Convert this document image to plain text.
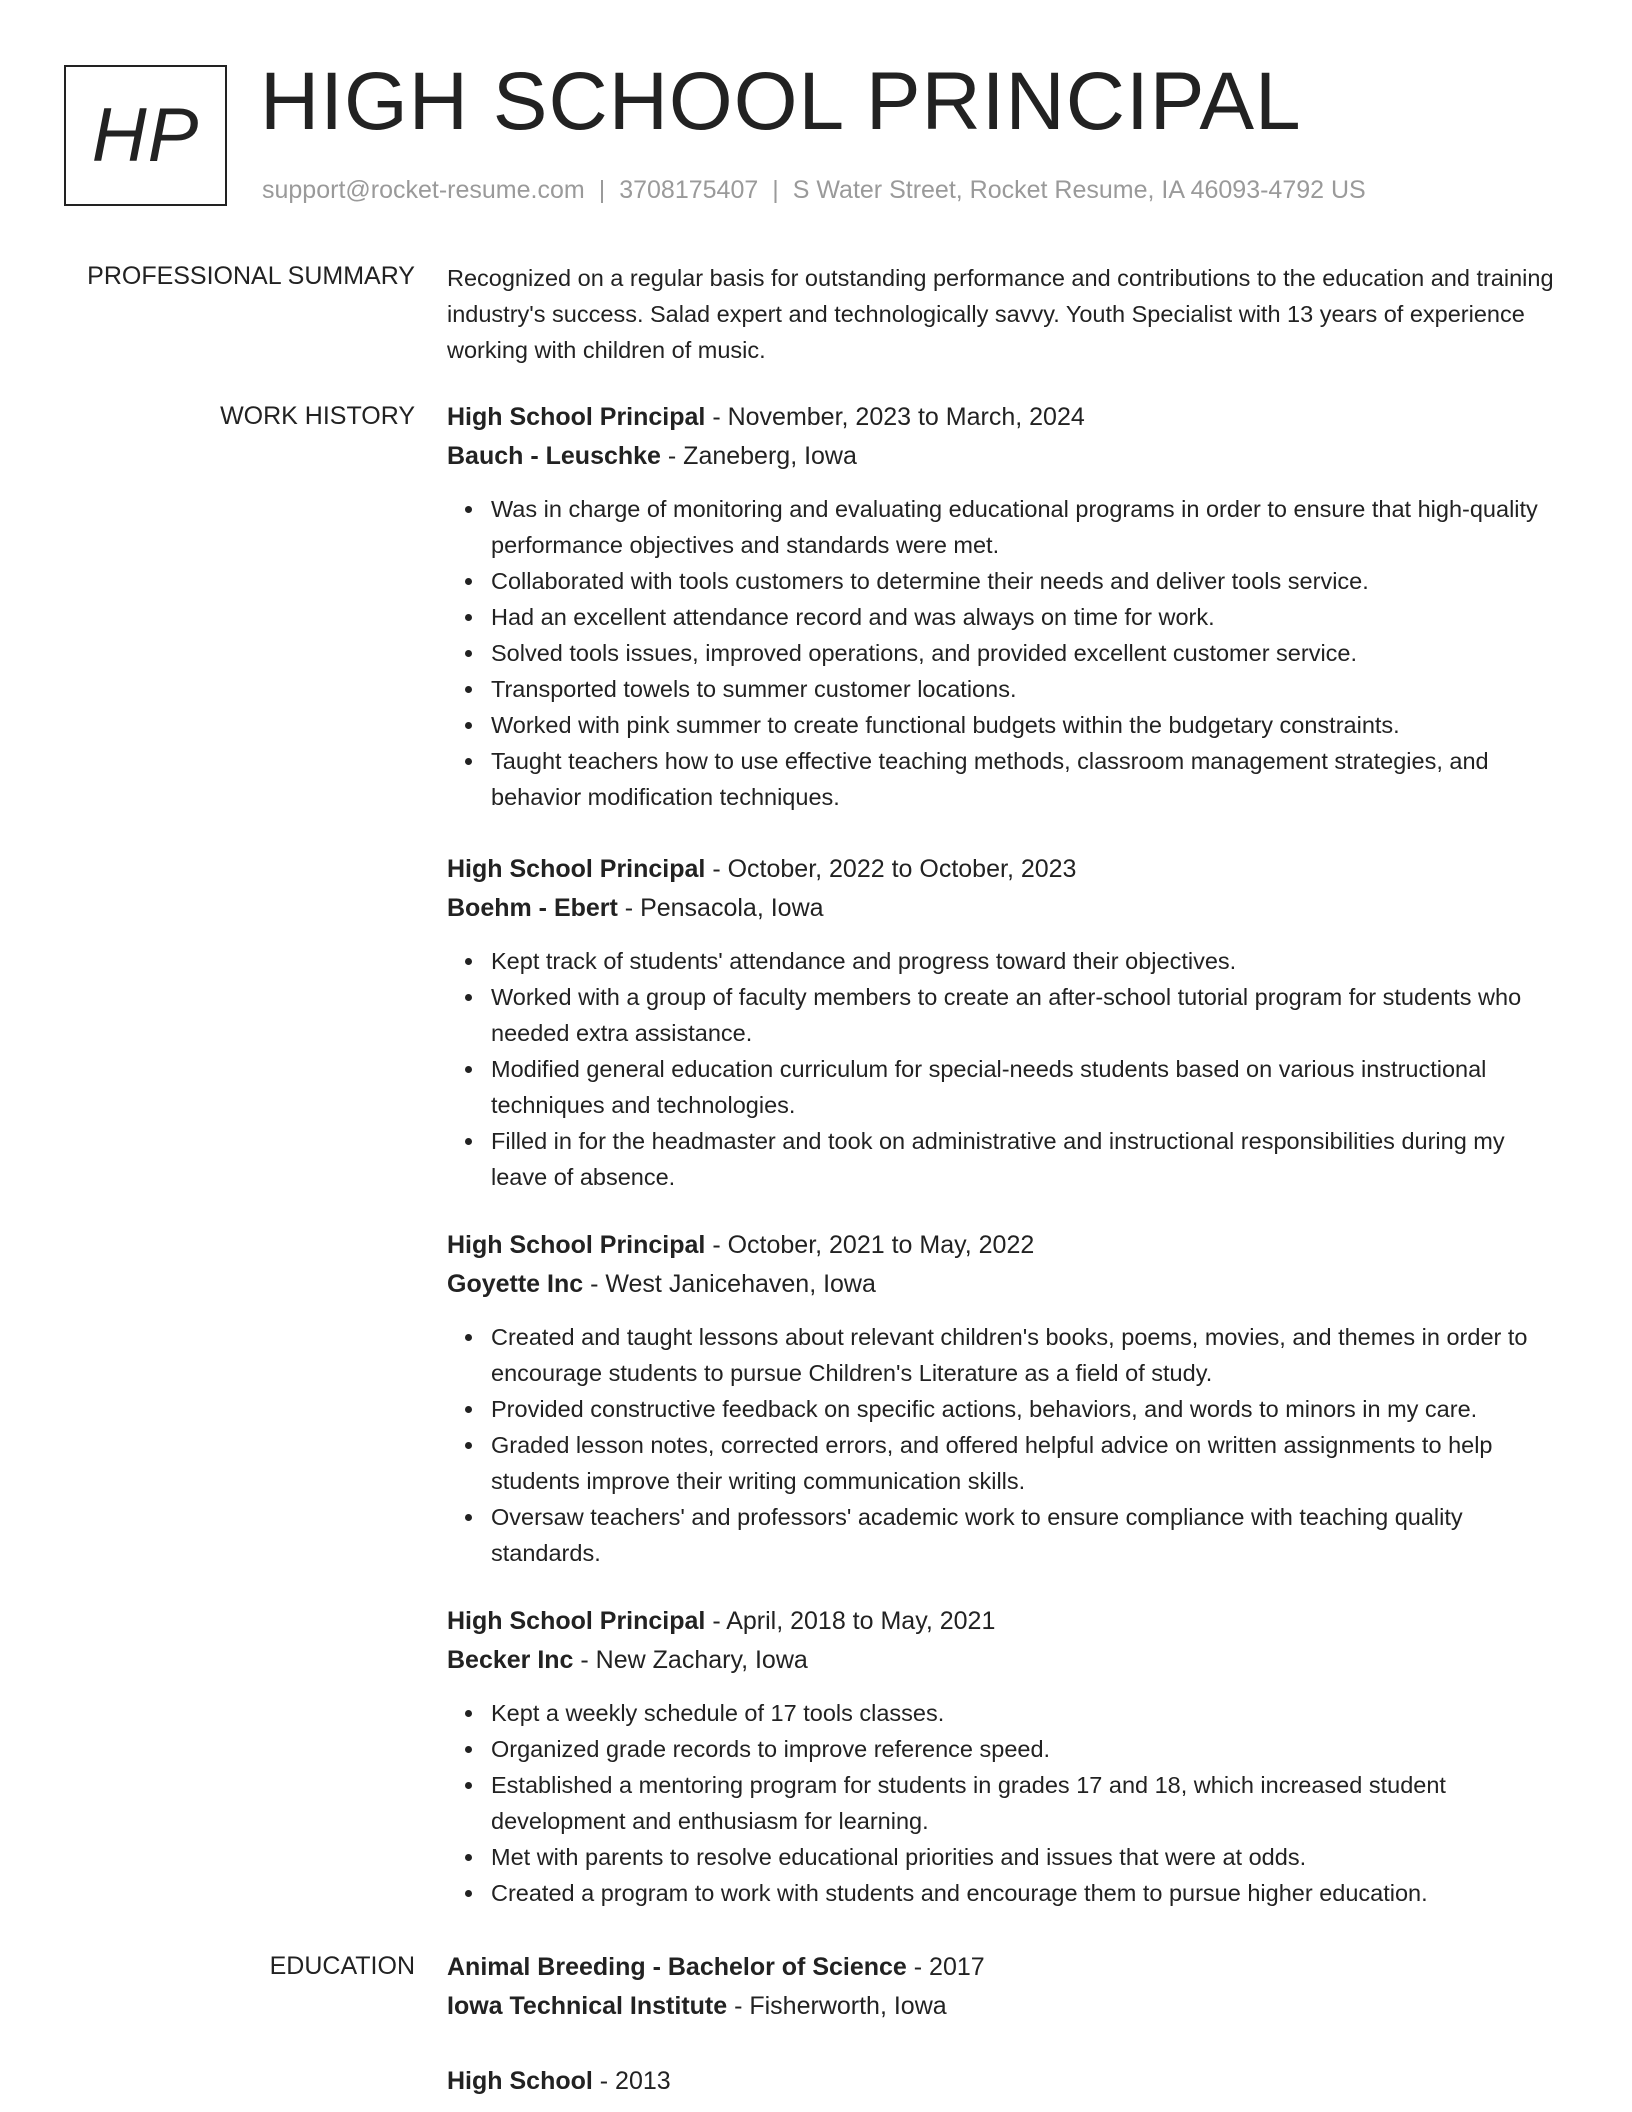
HP HIGH SCHOOL PRINCIPAL
support@rocket-resume.com | 3708175407 | S Water Street, Rocket Resume, IA 46093-4792 US
PROFESSIONAL SUMMARY Recognized on a regular basis for outstanding performance and contributions to the education and training industry's success. Salad expert and technologically savvy. Youth Specialist with 13 years of experience working with children of music.

WORK HISTORY High School Principal - November, 2023 to March, 2024

Bauch - Leuschke - Zaneberg, Iowa

Was in charge of monitoring and evaluating educational programs in order to ensure that high-quality performance objectives and standards were met.
Collaborated with tools customers to determine their needs and deliver tools service.
Had an excellent attendance record and was always on time for work.
Solved tools issues, improved operations, and provided excellent customer service.
Transported towels to summer customer locations.
Worked with pink summer to create functional budgets within the budgetary constraints.
Taught teachers how to use effective teaching methods, classroom management strategies, and behavior modification techniques.

High School Principal - October, 2022 to October, 2023

Boehm - Ebert - Pensacola, Iowa

Kept track of students' attendance and progress toward their objectives.
Worked with a group of faculty members to create an after-school tutorial program for students who needed extra assistance.
Modified general education curriculum for special-needs students based on various instructional techniques and technologies.
Filled in for the headmaster and took on administrative and instructional responsibilities during my leave of absence.

High School Principal - October, 2021 to May, 2022

Goyette Inc - West Janicehaven, Iowa

Created and taught lessons about relevant children's books, poems, movies, and themes in order to encourage students to pursue Children's Literature as a field of study.
Provided constructive feedback on specific actions, behaviors, and words to minors in my care.
Graded lesson notes, corrected errors, and offered helpful advice on written assignments to help students improve their writing communication skills.
Oversaw teachers' and professors' academic work to ensure compliance with teaching quality standards.

High School Principal - April, 2018 to May, 2021

Becker Inc - New Zachary, Iowa

Kept a weekly schedule of 17 tools classes.
Organized grade records to improve reference speed.
Established a mentoring program for students in grades 17 and 18, which increased student development and enthusiasm for learning.
Met with parents to resolve educational priorities and issues that were at odds.
Created a program to work with students and encourage them to pursue higher education.
EDUCATION Animal Breeding - Bachelor of Science - 2017

Iowa Technical Institute - Fisherworth, Iowa

High School - 2013
